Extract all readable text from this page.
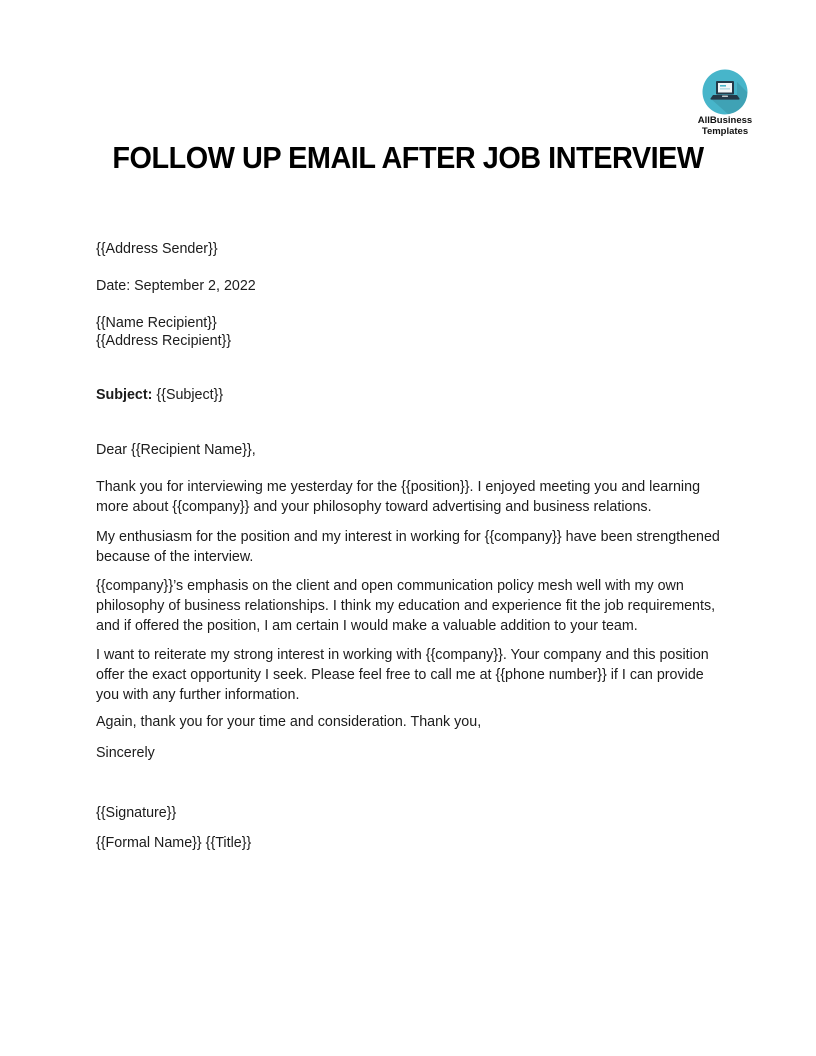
AllBusiness
Templates
FOLLOW UP EMAIL AFTER JOB INTERVIEW
{{Address Sender}}
Date: September 2, 2022
{{Name Recipient}}
{{Address Recipient}}
Subject: {{Subject}}
Dear {{Recipient Name}},
Thank you for interviewing me yesterday for the {{position}}. I enjoyed meeting you and learning more about {{company}} and your philosophy toward advertising and business relations.
My enthusiasm for the position and my interest in working for {{company}} have been strengthened because of the interview.
{{company}}’s emphasis on the client and open communication policy mesh well with my own philosophy of business relationships. I think my education and experience fit the job requirements, and if offered the position, I am certain I would make a valuable addition to your team.
I want to reiterate my strong interest in working with {{company}}. Your company and this position offer the exact opportunity I seek. Please feel free to call me at {{phone number}} if I can provide you with any further information.
Again, thank you for your time and consideration. Thank you,
Sincerely
{{Signature}}
{{Formal Name}} {{Title}}
